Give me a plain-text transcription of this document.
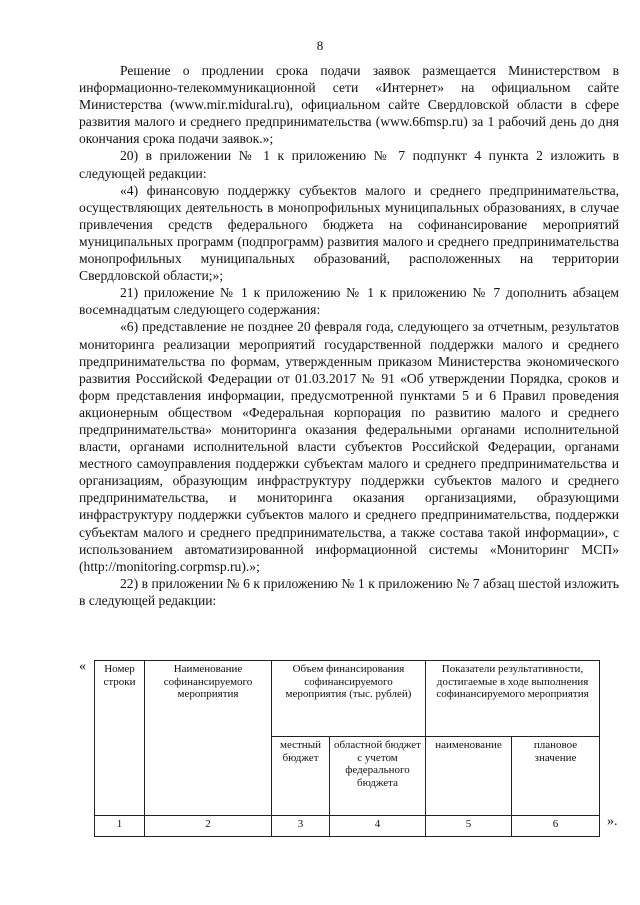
8

Решение о продлении срока подачи заявок размещается Министерством в информационно-телекоммуникационной сети «Интернет» на официальном сайте Министерства (www.mir.midural.ru), официальном сайте Свердловской области в сфере развития малого и среднего предпринимательства (www.66msp.ru) за 1 рабочий день до дня окончания срока подачи заявок.»;

20) в приложении № 1 к приложению № 7 подпункт 4 пункта 2 изложить в следующей редакции:

«4) финансовую поддержку субъектов малого и среднего предпринимательства, осуществляющих деятельность в монопрофильных муниципальных образованиях, в случае привлечения средств федерального бюджета на софинансирование мероприятий муниципальных программ (подпрограмм) развития малого и среднего предпринимательства монопрофильных муниципальных образований, расположенных на территории Свердловской области;»;

21) приложение № 1 к приложению № 1 к приложению № 7 дополнить абзацем восемнадцатым следующего содержания:

«6) представление не позднее 20 февраля года, следующего за отчетным, результатов мониторинга реализации мероприятий государственной поддержки малого и среднего предпринимательства по формам, утвержденным приказом Министерства экономического развития Российской Федерации от 01.03.2017 № 91 «Об утверждении Порядка, сроков и форм представления информации, предусмотренной пунктами 5 и 6 Правил проведения акционерным обществом «Федеральная корпорация по развитию малого и среднего предпринимательства» мониторинга оказания федеральными органами исполнительной власти, органами исполнительной власти субъектов Российской Федерации, органами местного самоуправления поддержки субъектам малого и среднего предпринимательства и организациям, образующим инфраструктуру поддержки субъектов малого и среднего предпринимательства, и мониторинга оказания организациями, образующими инфраструктуру поддержки субъектов малого и среднего предпринимательства, поддержки субъектам малого и среднего предпринимательства, а также состава такой информации», с использованием автоматизированной информационной системы «Мониторинг МСП» (http://monitoring.corpmsp.ru).»;

22) в приложении № 6 к приложению № 1 к приложению № 7 абзац шестой изложить в следующей редакции:

« Номер строки	Наименование софинансируемого мероприятия	Объем финансирования софинансируемого мероприятия (тыс. рублей)		Показатели результативности, достигаемые в ходе выполнения софинансируемого мероприятия	
		местный бюджет	областной бюджет с учетом федерального бюджета	наименование	плановое значение
1	2	3	4	5	6	».
